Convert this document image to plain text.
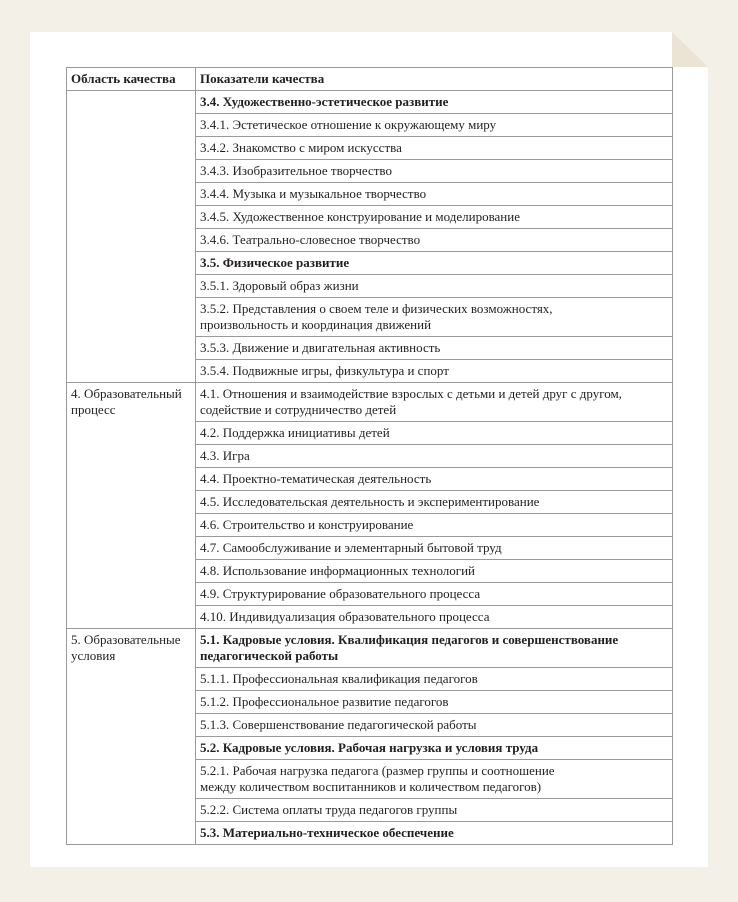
Область качества	Показатели качества
	3.4. Художественно-эстетическое развитие
	3.4.1. Эстетическое отношение к окружающему миру
	3.4.2. Знакомство с миром искусства
	3.4.3. Изобразительное творчество
	3.4.4. Музыка и музыкальное творчество
	3.4.5. Художественное конструирование и моделирование
	3.4.6. Театрально-словесное творчество
	3.5. Физическое развитие
	3.5.1. Здоровый образ жизни
	3.5.2. Представления о своем теле и физических возможностях,
произвольность и координация движений
	3.5.3. Движение и двигательная активность
	3.5.4. Подвижные игры, физкультура и спорт
4. Образовательный процесс	4.1. Отношения и взаимодействие взрослых с детьми и детей друг с другом,
содействие и сотрудничество детей
	4.2. Поддержка инициативы детей
	4.3. Игра
	4.4. Проектно-тематическая деятельность
	4.5. Исследовательская деятельность и экспериментирование
	4.6. Строительство и конструирование
	4.7. Самообслуживание и элементарный бытовой труд
	4.8. Использование информационных технологий
	4.9. Структурирование образовательного процесса
	4.10. Индивидуализация образовательного процесса
5. Образовательные условия	5.1. Кадровые условия. Квалификация педагогов и совершенствование
педагогической работы
	5.1.1. Профессиональная квалификация педагогов
	5.1.2. Профессиональное развитие педагогов
	5.1.3. Совершенствование педагогической работы
	5.2. Кадровые условия. Рабочая нагрузка и условия труда
	5.2.1. Рабочая нагрузка педагога (размер группы и соотношение
между количеством воспитанников и количеством педагогов)
	5.2.2. Система оплаты труда педагогов группы
	5.3. Материально-техническое обеспечение
